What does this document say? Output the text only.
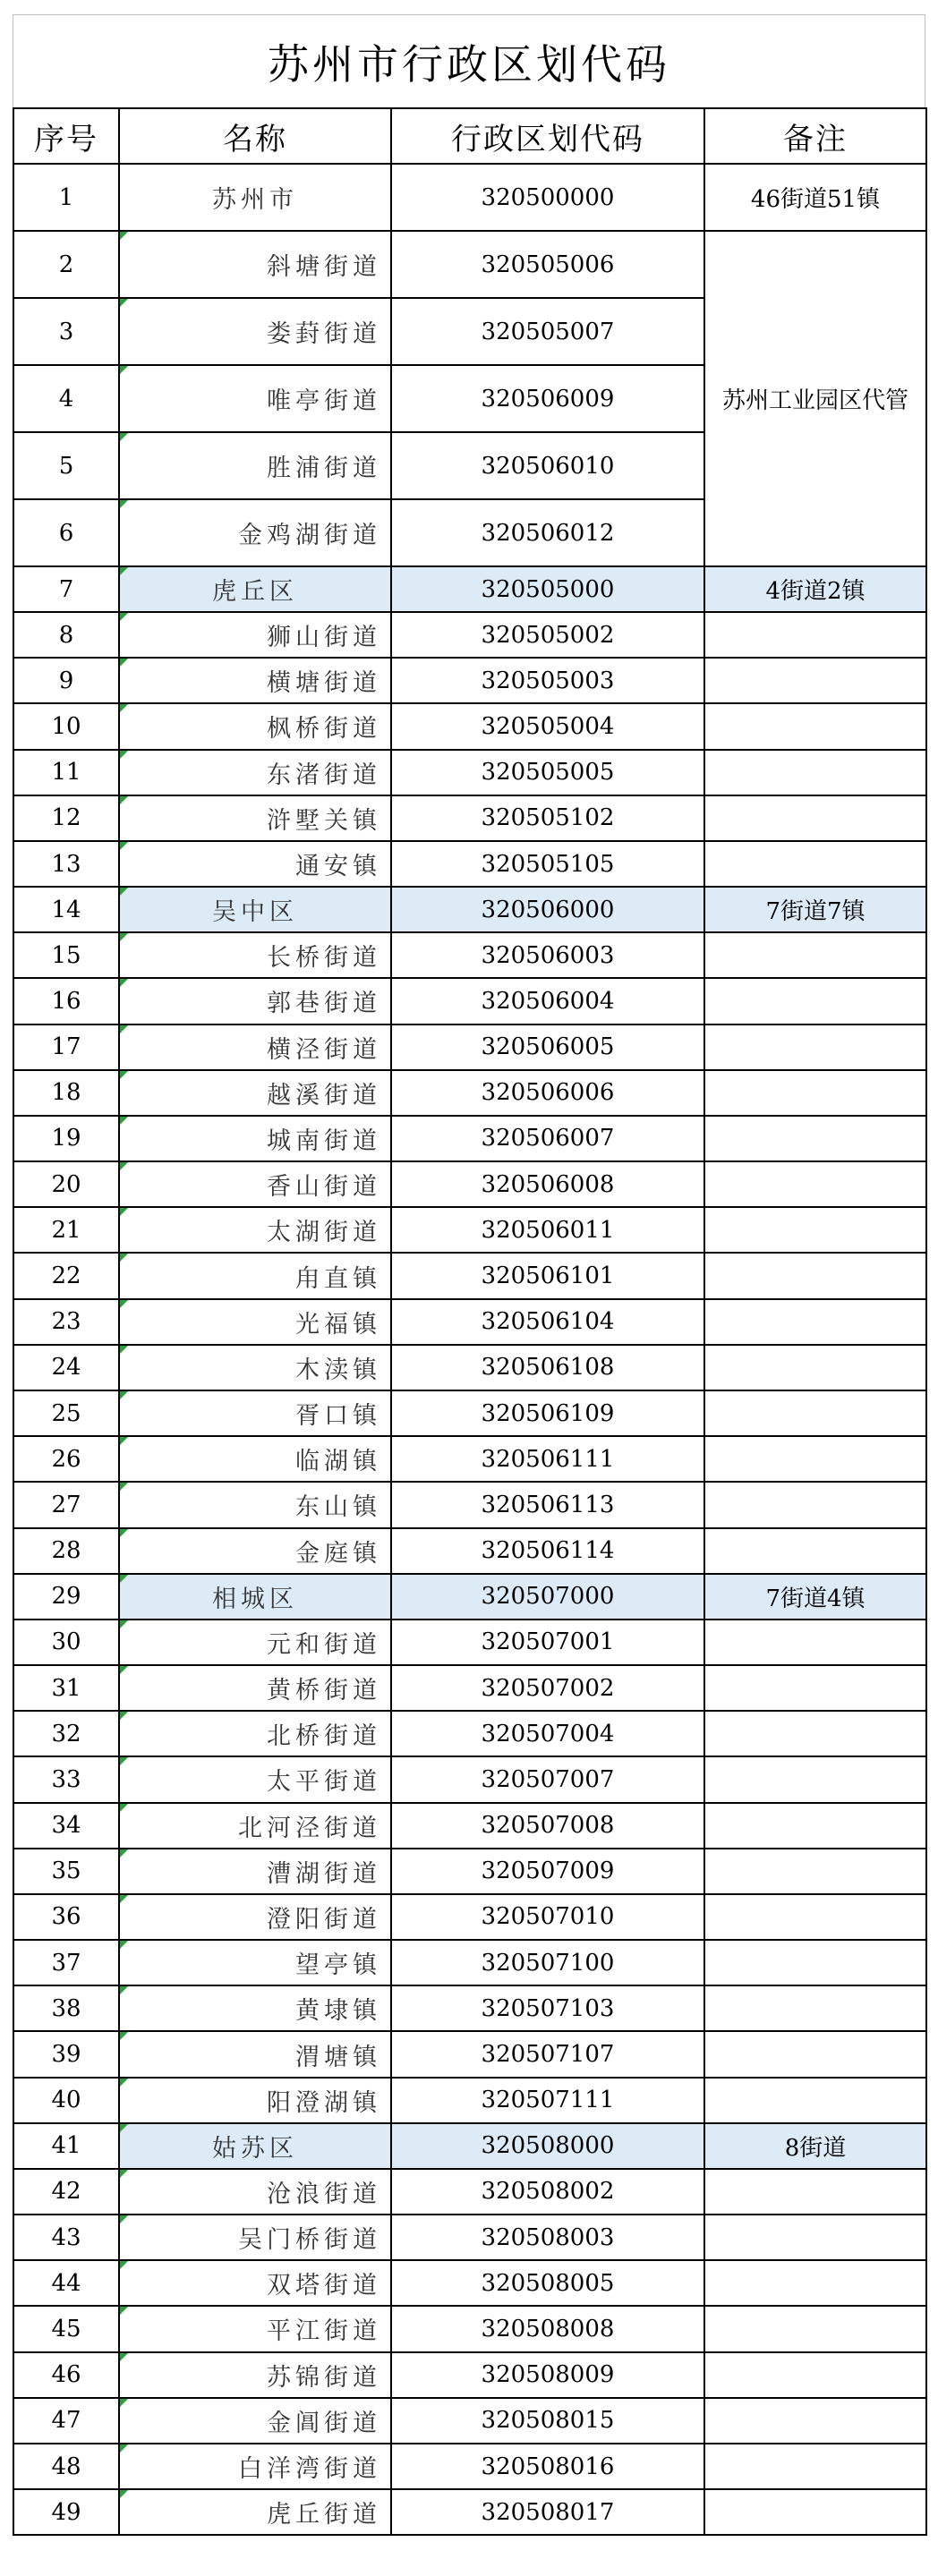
苏州市行政区划代码
序号	名称	行政区划代码	备注
1	苏州市	320500000	46街道51镇
2	斜塘街道	320505006	苏州工业园区代管
3	娄葑街道	320505007	
4	唯亭街道	320506009	
5	胜浦街道	320506010	
6	金鸡湖街道	320506012	
7	虎丘区	320505000	4街道2镇
8	狮山街道	320505002	
9	横塘街道	320505003	
10	枫桥街道	320505004	
11	东渚街道	320505005	
12	浒墅关镇	320505102	
13	通安镇	320505105	
14	吴中区	320506000	7街道7镇
15	长桥街道	320506003	
16	郭巷街道	320506004	
17	横泾街道	320506005	
18	越溪街道	320506006	
19	城南街道	320506007	
20	香山街道	320506008	
21	太湖街道	320506011	
22	甪直镇	320506101	
23	光福镇	320506104	
24	木渎镇	320506108	
25	胥口镇	320506109	
26	临湖镇	320506111	
27	东山镇	320506113	
28	金庭镇	320506114	
29	相城区	320507000	7街道4镇
30	元和街道	320507001	
31	黄桥街道	320507002	
32	北桥街道	320507004	
33	太平街道	320507007	
34	北河泾街道	320507008	
35	漕湖街道	320507009	
36	澄阳街道	320507010	
37	望亭镇	320507100	
38	黄埭镇	320507103	
39	渭塘镇	320507107	
40	阳澄湖镇	320507111	
41	姑苏区	320508000	8街道
42	沧浪街道	320508002	
43	吴门桥街道	320508003	
44	双塔街道	320508005	
45	平江街道	320508008	
46	苏锦街道	320508009	
47	金阊街道	320508015	
48	白洋湾街道	320508016	
49	虎丘街道	320508017	
